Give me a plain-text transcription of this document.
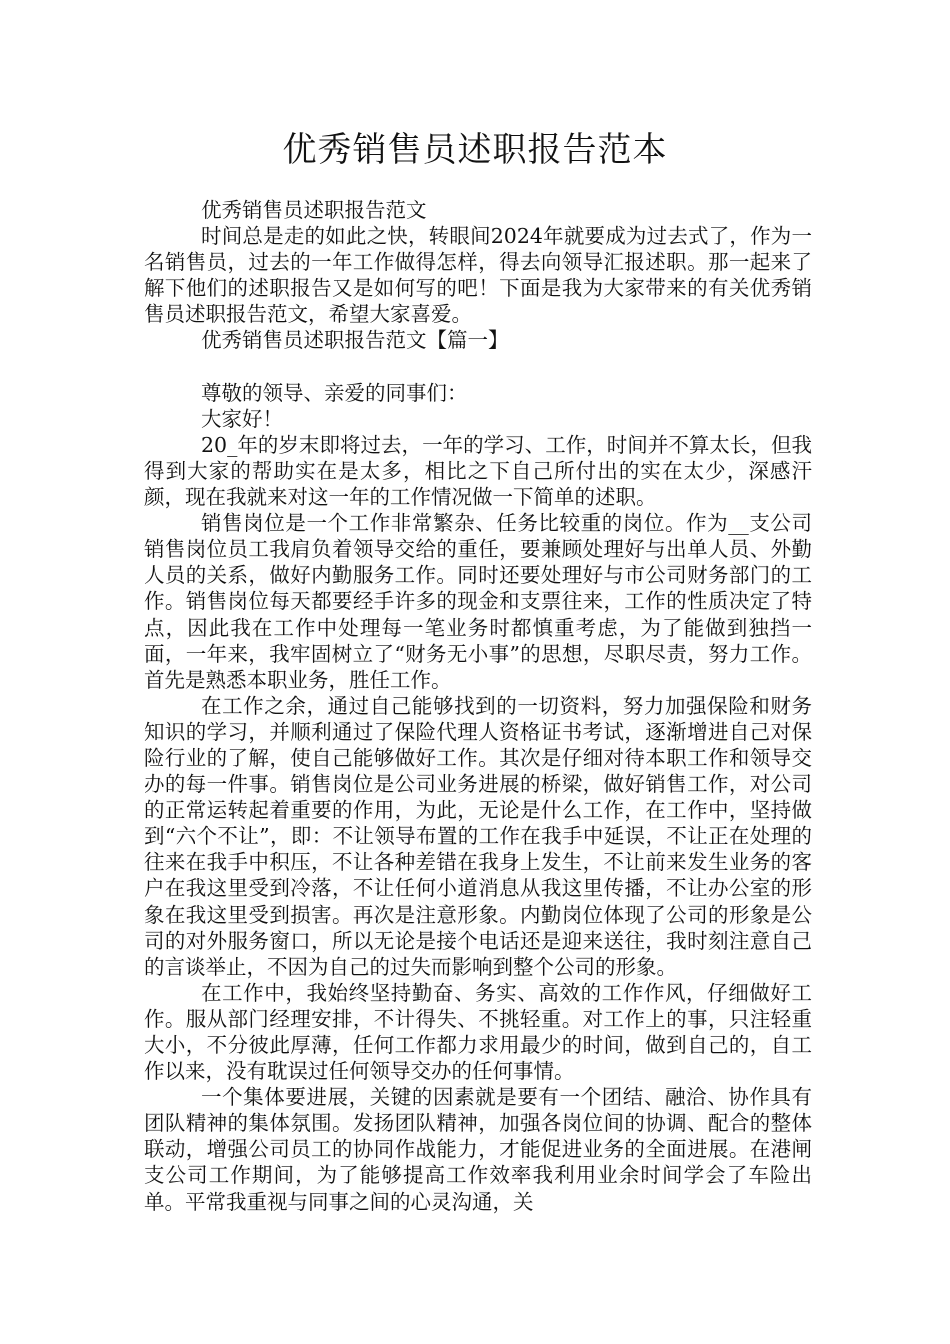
优秀销售员述职报告范本

优秀销售员述职报告范文

时间总是走的如此之快，转眼间2024年就要成为过去式了，作为一名销售员，过去的一年工作做得怎样，得去向领导汇报述职。那一起来了解下他们的述职报告又是如何写的吧！下面是我为大家带来的有关优秀销售员述职报告范文，希望大家喜爱。

优秀销售员述职报告范文【篇一】

尊敬的领导、亲爱的同事们：

大家好！

20_年的岁末即将过去，一年的学习、工作，时间并不算太长，但我得到大家的帮助实在是太多，相比之下自己所付出的实在太少，深感汗颜，现在我就来对这一年的工作情况做一下简单的述职。

销售岗位是一个工作非常繁杂、任务比较重的岗位。作为__支公司销售岗位员工我肩负着领导交给的重任，要兼顾处理好与出单人员、外勤人员的关系，做好内勤服务工作。同时还要处理好与市公司财务部门的工作。销售岗位每天都要经手许多的现金和支票往来，工作的性质决定了特点，因此我在工作中处理每一笔业务时都慎重考虑，为了能做到独挡一面，一年来，我牢固树立了“财务无小事”的思想，尽职尽责，努力工作。首先是熟悉本职业务，胜任工作。

在工作之余，通过自己能够找到的一切资料，努力加强保险和财务知识的学习，并顺利通过了保险代理人资格证书考试，逐渐增进自己对保险行业的了解，使自己能够做好工作。其次是仔细对待本职工作和领导交办的每一件事。销售岗位是公司业务进展的桥梁，做好销售工作，对公司的正常运转起着重要的作用，为此，无论是什么工作，在工作中，坚持做到“六个不让”，即：不让领导布置的工作在我手中延误，不让正在处理的往来在我手中积压，不让各种差错在我身上发生，不让前来发生业务的客户在我这里受到冷落，不让任何小道消息从我这里传播，不让办公室的形象在我这里受到损害。再次是注意形象。内勤岗位体现了公司的形象是公司的对外服务窗口，所以无论是接个电话还是迎来送往，我时刻注意自己的言谈举止，不因为自己的过失而影响到整个公司的形象。

在工作中，我始终坚持勤奋、务实、高效的工作作风，仔细做好工作。服从部门经理安排，不计得失、不挑轻重。对工作上的事，只注轻重大小，不分彼此厚薄，任何工作都力求用最少的时间，做到自己的，自工作以来，没有耽误过任何领导交办的任何事情。

一个集体要进展，关键的因素就是要有一个团结、融洽、协作具有团队精神的集体氛围。发扬团队精神，加强各岗位间的协调、配合的整体联动，增强公司员工的协同作战能力，才能促进业务的全面进展。在港闸支公司工作期间，为了能够提高工作效率我利用业余时间学会了车险出单。平常我重视与同事之间的心灵沟通，关
